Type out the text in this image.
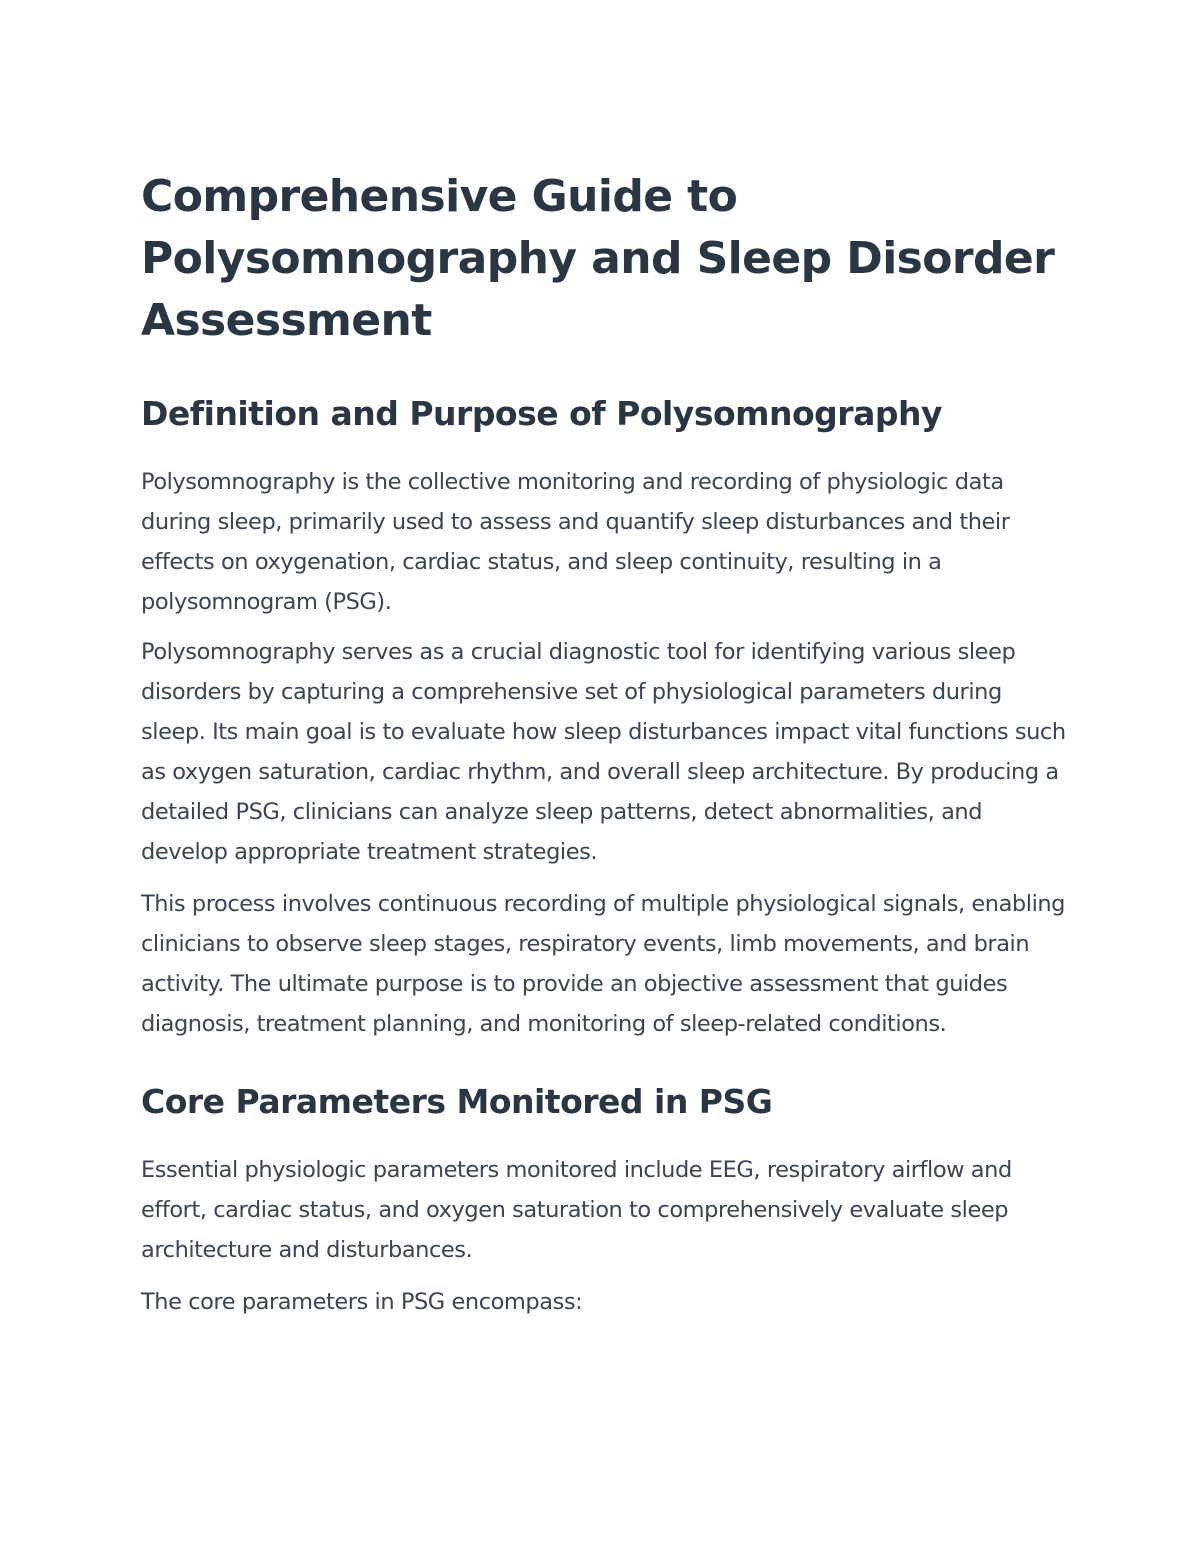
Comprehensive Guide to Polysomnography and Sleep Disorder Assessment
Definition and Purpose of Polysomnography

Polysomnography is the collective monitoring and recording of physiologic data during sleep, primarily used to assess and quantify sleep disturbances and their effects on oxygenation, cardiac status, and sleep continuity, resulting in a polysomnogram (PSG).

Polysomnography serves as a crucial diagnostic tool for identifying various sleep disorders by capturing a comprehensive set of physiological parameters during sleep. Its main goal is to evaluate how sleep disturbances impact vital functions such as oxygen saturation, cardiac rhythm, and overall sleep architecture. By producing a detailed PSG, clinicians can analyze sleep patterns, detect abnormalities, and develop appropriate treatment strategies.

This process involves continuous recording of multiple physiological signals, enabling clinicians to observe sleep stages, respiratory events, limb movements, and brain activity. The ultimate purpose is to provide an objective assessment that guides diagnosis, treatment planning, and monitoring of sleep-related conditions.

Core Parameters Monitored in PSG

Essential physiologic parameters monitored include EEG, respiratory airflow and effort, cardiac status, and oxygen saturation to comprehensively evaluate sleep architecture and disturbances.

The core parameters in PSG encompass:
